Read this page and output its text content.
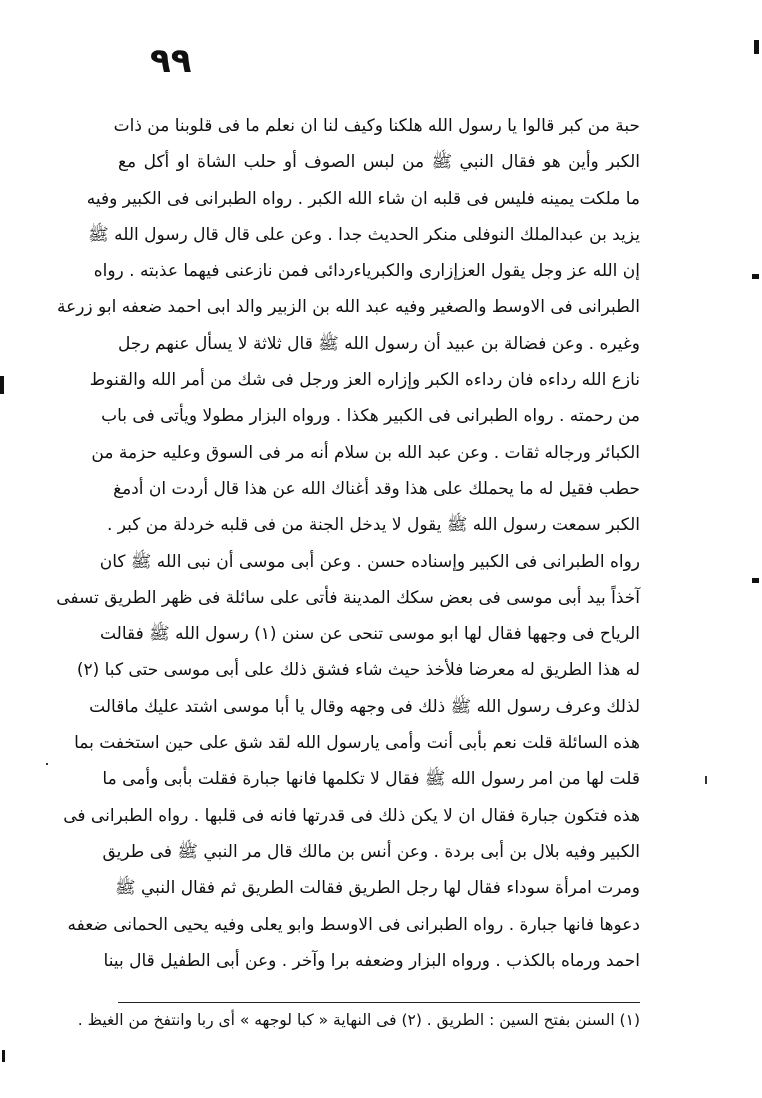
٩٩
حبة من كبر قالوا يا رسول الله هلكنا وكيف لنا ان نعلم ما فى قلوبنا من ذات
الكبر وأين هو فقال النبي ﷺ من لبس الصوف أو حلب الشاة او أكل مع
ما ملكت يمينه فليس فى قلبه ان شاء الله الكبر . رواه الطبرانى فى الكبير وفيه
يزيد بن عبدالملك النوفلى منكر الحديث جدا . وعن على قال قال رسول الله ﷺ
إن الله عز وجل يقول العزإزارى والكبرياءردائى فمن نازعنى فيهما عذبته . رواه
الطبرانى فى الاوسط والصغير وفيه عبد الله بن الزبير والد ابى احمد ضعفه ابو زرعة
وغيره . وعن فضالة بن عبيد أن رسول الله ﷺ قال ثلاثة لا يسأل عنهم رجل
نازع الله رداءه فان رداءه الكبر وإزاره العز ورجل فى شك من أمر الله والقنوط
من رحمته . رواه الطبرانى فى الكبير هكذا . ورواه البزار مطولا ويأتى فى باب
الكبائر ورجاله ثقات . وعن عبد الله بن سلام أنه مر فى السوق وعليه حزمة من
حطب فقيل له ما يحملك على هذا وقد أغناك الله عن هذا قال أردت ان أدمغ
الكبر سمعت رسول الله ﷺ يقول لا يدخل الجنة من فى قلبه خردلة من كبر .
رواه الطبرانى فى الكبير وإسناده حسن . وعن أبى موسى أن نبى الله ﷺ كان
آخذاً بيد أبى موسى فى بعض سكك المدينة فأتى على سائلة فى ظهر الطريق تسفى
الرياح فى وجهها فقال لها ابو موسى تنحى عن سنن (١) رسول الله ﷺ فقالت
له هذا الطريق له معرضا فلأخذ حيث شاء فشق ذلك على أبى موسى حتى كبا (٢)
لذلك وعرف رسول الله ﷺ ذلك فى وجهه وقال يا أبا موسى اشتد عليك ماقالت
هذه السائلة قلت نعم بأبى أنت وأمى يارسول الله لقد شق على حين استخفت بما
قلت لها من امر رسول الله ﷺ فقال لا تكلمها فانها جبارة فقلت بأبى وأمى ما
هذه فتكون جبارة فقال ان لا يكن ذلك فى قدرتها فانه فى قلبها . رواه الطبرانى فى
الكبير وفيه بلال بن أبى بردة . وعن أنس بن مالك قال مر النبي ﷺ فى طريق
ومرت امرأة سوداء فقال لها رجل الطريق فقالت الطريق ثم فقال النبي ﷺ
دعوها فانها جبارة . رواه الطبرانى فى الاوسط وابو يعلى وفيه يحيى الحمانى ضعفه
احمد ورماه بالكذب . ورواه البزار وضعفه برا وآخر . وعن أبى الطفيل قال بينا
(١) السنن بفتح السين : الطريق . (٢) فى النهاية « كبا لوجهه » أى ربا وانتفخ من الغيظ .
